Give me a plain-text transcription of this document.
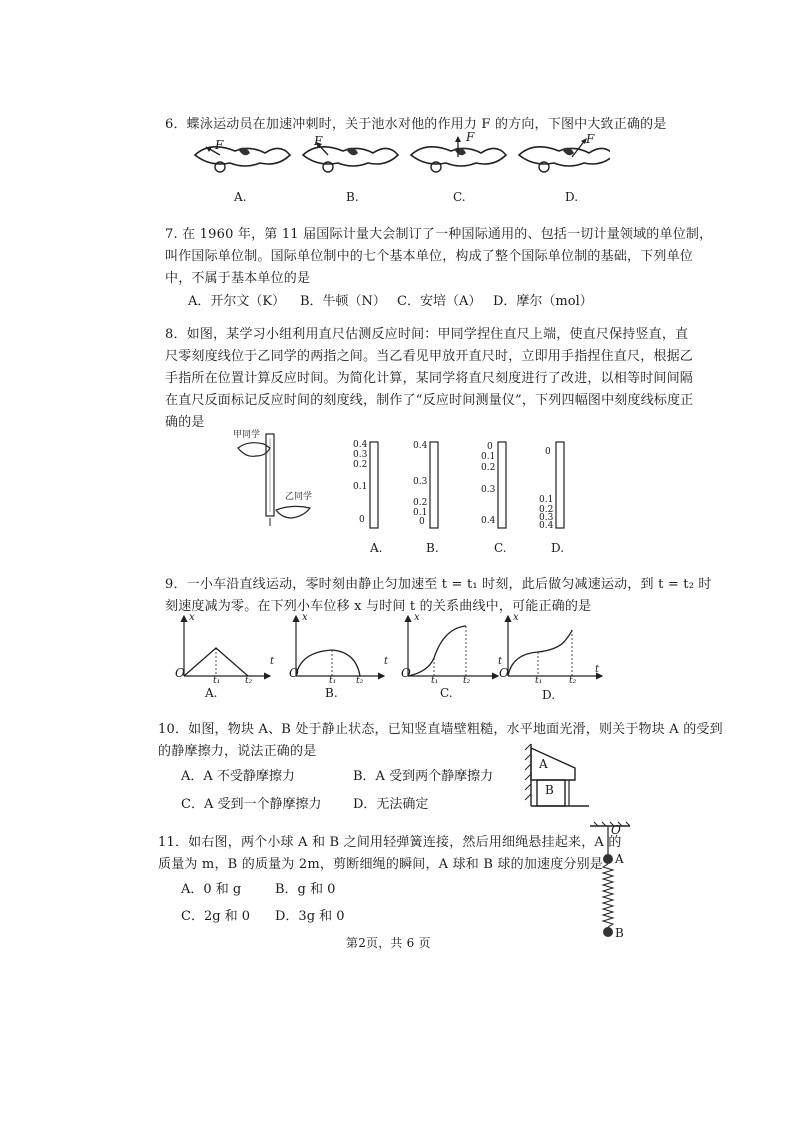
6．蝶泳运动员在加速冲刺时，关于池水对他的作用力 F 的方向，下图中大致正确的是
F	F	F	F
A.	B.	C.	D.
7. 在 1960 年，第 11 届国际计量大会制订了一种国际通用的、包括一切计量领域的单位制，
叫作国际单位制。国际单位制中的七个基本单位，构成了整个国际单位制的基础，下列单位
中，不属于基本单位的是
A．开尔文（K） B．牛顿（N） C．安培（A） D．摩尔（mol）
8．如图，某学习小组利用直尺估测反应时间：甲同学捏住直尺上端，使直尺保持竖直，直
尺零刻度线位于乙同学的两指之间。当乙看见甲放开直尺时，立即用手指捏住直尺，根据乙
手指所在位置计算反应时间。为简化计算，某同学将直尺刻度进行了改进，以相等时间间隔
在直尺反面标记反应时间的刻度线，制作了“反应时间测量仪”，下列四幅图中刻度线标度正
确的是
甲同学
乙同学
0.4
0.3
0.2
0.1
0
0.4
0.3
0.2
0.1
0
0
0.1
0.2
0.3
0.4
0
0.1
0.2
0.3
0.4
A.	B.	C.	D.
9．一小车沿直线运动，零时刻由静止匀加速至 t = t₁ 时刻，此后做匀减速运动，到 t = t₂ 时
刻速度减为零。在下列小车位移 x 与时间 t 的关系曲线中，可能正确的是
x
O
t
t₁	t₂
A.
x
O
t
t₁ t₂
B.
x
O
t
t₁	t₂
C.
x
O	t
t₁	t₂
D.
10．如图，物块 A、B 处于静止状态，已知竖直墙壁粗糙，水平地面光滑，则关于物块 A 的受到
的静摩擦力，说法正确的是
A．A 不受静摩擦力	B．A 受到两个静摩擦力
C．A 受到一个静摩擦力 D．无法确定
A
B
11．如右图，两个小球 A 和 B 之间用轻弹簧连接，然后用细绳悬挂起来，A 的
质量为 m，B 的质量为 2m，剪断细绳的瞬间，A 球和 B 球的加速度分别是
A．0 和 g	B．g 和 0
C．2g 和 0 D．3g 和 0
O
A
B
第2页，共 6 页
